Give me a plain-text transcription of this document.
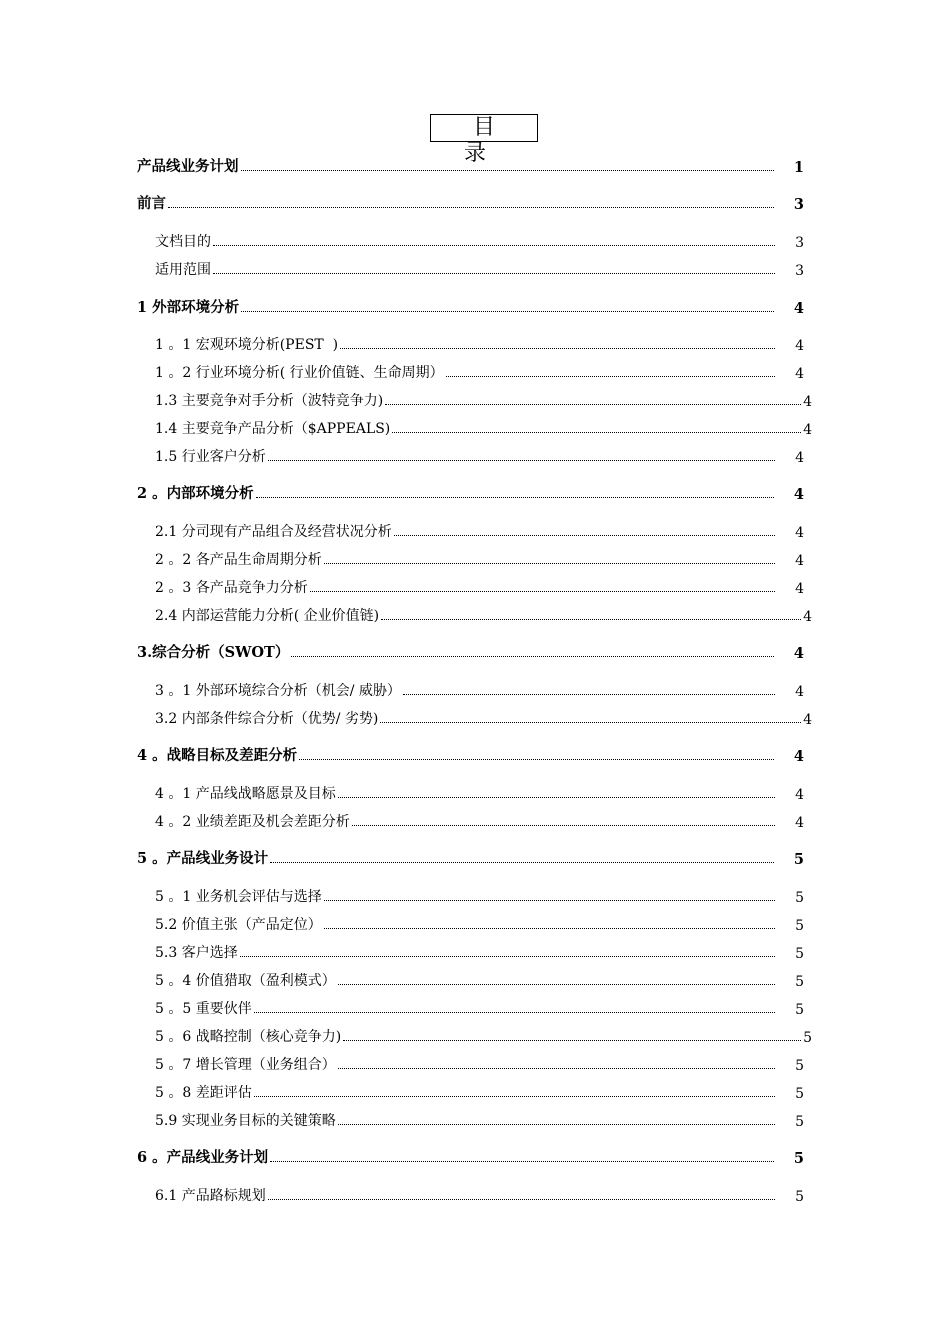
目 录
产品线业务计划	1
前言	3
文档目的	3
适用范围	3
1 外部环境分析	4
1 。1 宏观环境分析(PEST  )	4
1 。2 行业环境分析( 行业价值链、生命周期）	4
1.3 主要竞争对手分析（波特竞争力)	4
1.4 主要竞争产品分析（$APPEALS)	4
1.5 行业客户分析	4
2 。内部环境分析	4
2.1 分司现有产品组合及经营状况分析	4
2 。2 各产品生命周期分析	4
2 。3 各产品竞争力分析	4
2.4 内部运营能力分析( 企业价值链)	4
3.综合分析（SWOT）	4
3 。1 外部环境综合分析（机会/ 威胁）	4
3.2 内部条件综合分析（优势/ 劣势)	4
4 。战略目标及差距分析	4
4 。1 产品线战略愿景及目标	4
4 。2 业绩差距及机会差距分析	4
5 。产品线业务设计	5
5 。1 业务机会评估与选择	5
5.2 价值主张（产品定位）	5
5.3 客户选择	5
5 。4 价值猎取（盈利模式）	5
5 。5 重要伙伴	5
5 。6 战略控制（核心竞争力)	5
5 。7 增长管理（业务组合）	5
5 。8 差距评估	5
5.9 实现业务目标的关键策略	5
6 。产品线业务计划	5
6.1 产品路标规划	5
